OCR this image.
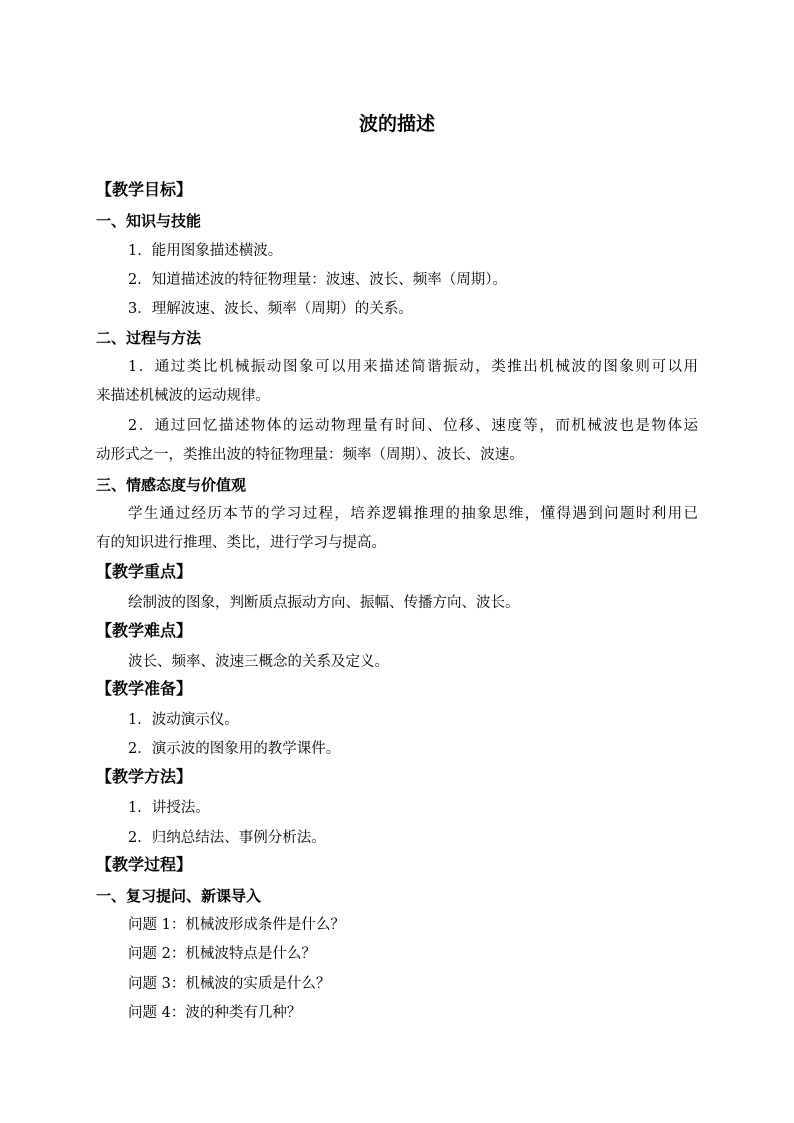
波的描述
【教学目标】
一、知识与技能
1．能用图象描述横波。
2．知道描述波的特征物理量：波速、波长、频率（周期）。
3．理解波速、波长、频率（周期）的关系。
二、过程与方法
1．通过类比机械振动图象可以用来描述简谐振动，类推出机械波的图象则可以用
来描述机械波的运动规律。
2．通过回忆描述物体的运动物理量有时间、位移、速度等，而机械波也是物体运
动形式之一，类推出波的特征物理量：频率（周期）、波长、波速。
三、情感态度与价值观
学生通过经历本节的学习过程，培养逻辑推理的抽象思维，懂得遇到问题时利用已
有的知识进行推理、类比，进行学习与提高。
【教学重点】
绘制波的图象，判断质点振动方向、振幅、传播方向、波长。
【教学难点】
波长、频率、波速三概念的关系及定义。
【教学准备】
1．波动演示仪。
2．演示波的图象用的教学课件。
【教学方法】
1．讲授法。
2．归纳总结法、事例分析法。
【教学过程】
一、复习提问、新课导入
问题 1：机械波形成条件是什么？
问题 2：机械波特点是什么？
问题 3：机械波的实质是什么？
问题 4：波的种类有几种？
